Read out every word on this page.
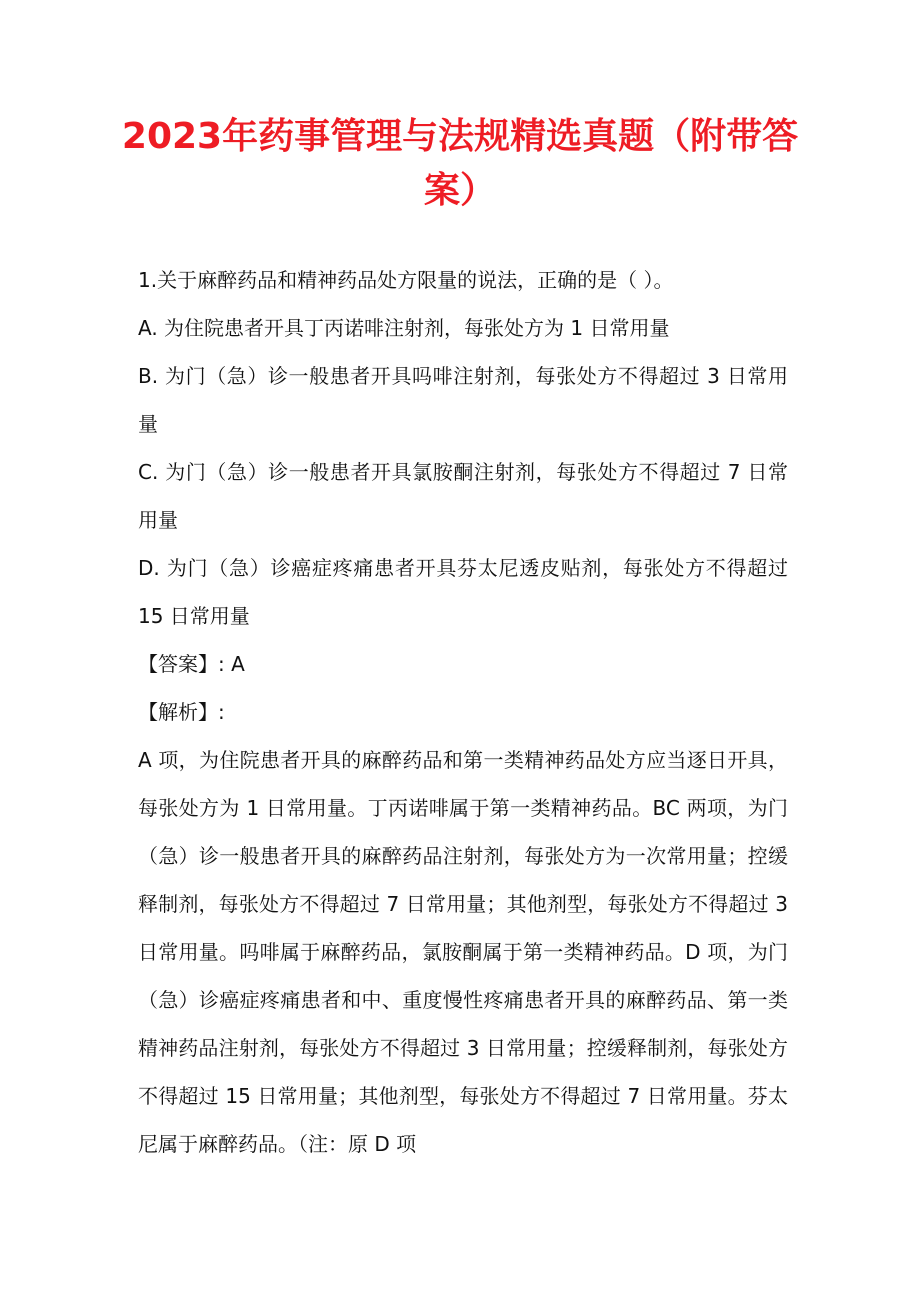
2023年药事管理与法规精选真题（附带答案）

1.关于麻醉药品和精神药品处方限量的说法，正确的是（ ）。

A. 为住院患者开具丁丙诺啡注射剂，每张处方为 1 日常用量

B. 为门（急）诊一般患者开具吗啡注射剂，每张处方不得超过 3 日常用量

C. 为门（急）诊一般患者开具氯胺酮注射剂，每张处方不得超过 7 日常用量

D. 为门（急）诊癌症疼痛患者开具芬太尼透皮贴剂，每张处方不得超过 15 日常用量

【答案】: A

【解析】:

A 项，为住院患者开具的麻醉药品和第一类精神药品处方应当逐日开具，每张处方为 1 日常用量。丁丙诺啡属于第一类精神药品。BC 两项，为门（急）诊一般患者开具的麻醉药品注射剂，每张处方为一次常用量；控缓释制剂，每张处方不得超过 7 日常用量；其他剂型，每张处方不得超过 3 日常用量。吗啡属于麻醉药品，氯胺酮属于第一类精神药品。D 项，为门（急）诊癌症疼痛患者和中、重度慢性疼痛患者开具的麻醉药品、第一类精神药品注射剂，每张处方不得超过 3 日常用量；控缓释制剂，每张处方不得超过 15 日常用量；其他剂型，每张处方不得超过 7 日常用量。芬太尼属于麻醉药品。（注：原 D 项
